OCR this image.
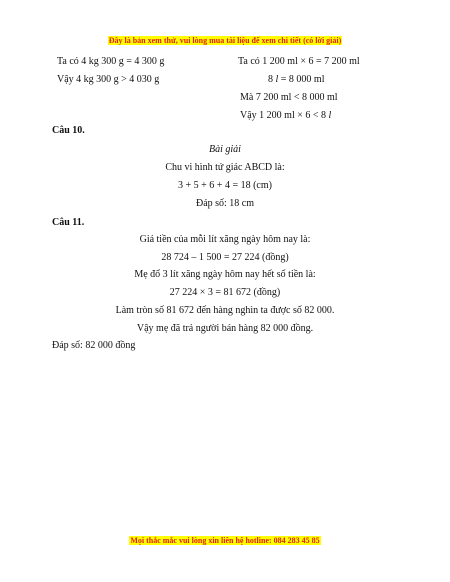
Đây là bản xem thử, vui lòng mua tài liệu để xem chi tiết (có lời giải)
Ta có 4 kg 300 g = 4 300 g
Vậy 4 kg 300 g > 4 030 g
Ta có 1 200 ml × 6 = 7 200 ml
8 l = 8 000 ml
Mà 7 200 ml < 8 000 ml
Vậy 1 200 ml × 6 < 8 l
Câu 10.
Bài giải
Chu vi hình tứ giác ABCD là:
3 + 5 + 6 + 4 = 18 (cm)
Đáp số: 18 cm
Câu 11.
Giá tiền của mỗi lít xăng ngày hôm nay là:
28 724 – 1 500 = 27 224 (đồng)
Mẹ đổ 3 lít xăng ngày hôm nay hết số tiền là:
27 224 × 3 = 81 672 (đồng)
Làm tròn số 81 672 đến hàng nghìn ta được số 82 000.
Vậy mẹ đã trả người bán hàng 82 000 đồng.
Đáp số: 82 000 đồng
Mọi thắc mắc vui lòng xin liên hệ hotline: 084 283 45 85
